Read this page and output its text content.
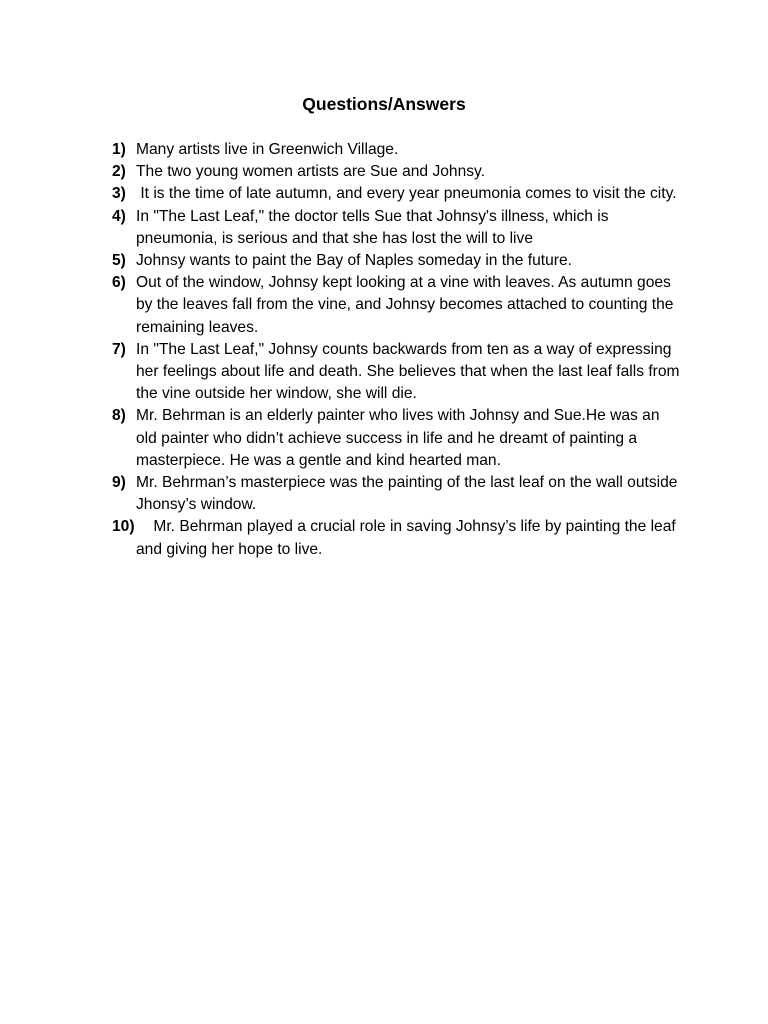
Questions/Answers
1) Many artists live in Greenwich Village.
2) The two young women artists are Sue and Johnsy.
3) It is the time of late autumn, and every year pneumonia comes to visit the city.
4) In "The Last Leaf," the doctor tells Sue that Johnsy's illness, which is pneumonia, is serious and that she has lost the will to live
5) Johnsy wants to paint the Bay of Naples someday in the future.
6) Out of the window, Johnsy kept looking at a vine with leaves. As autumn goes by the leaves fall from the vine, and Johnsy becomes attached to counting the remaining leaves.
7) In "The Last Leaf," Johnsy counts backwards from ten as a way of expressing her feelings about life and death. She believes that when the last leaf falls from the vine outside her window, she will die.
8) Mr. Behrman is an elderly painter who lives with Johnsy and Sue.He was an old painter who didn’t achieve success in life and he dreamt of painting a masterpiece. He was a gentle and kind hearted man.
9) Mr. Behrman’s masterpiece was the painting of the last leaf on the wall outside Jhonsy’s window.
10) Mr. Behrman played a crucial role in saving Johnsy’s life by painting the leaf and giving her hope to live.
